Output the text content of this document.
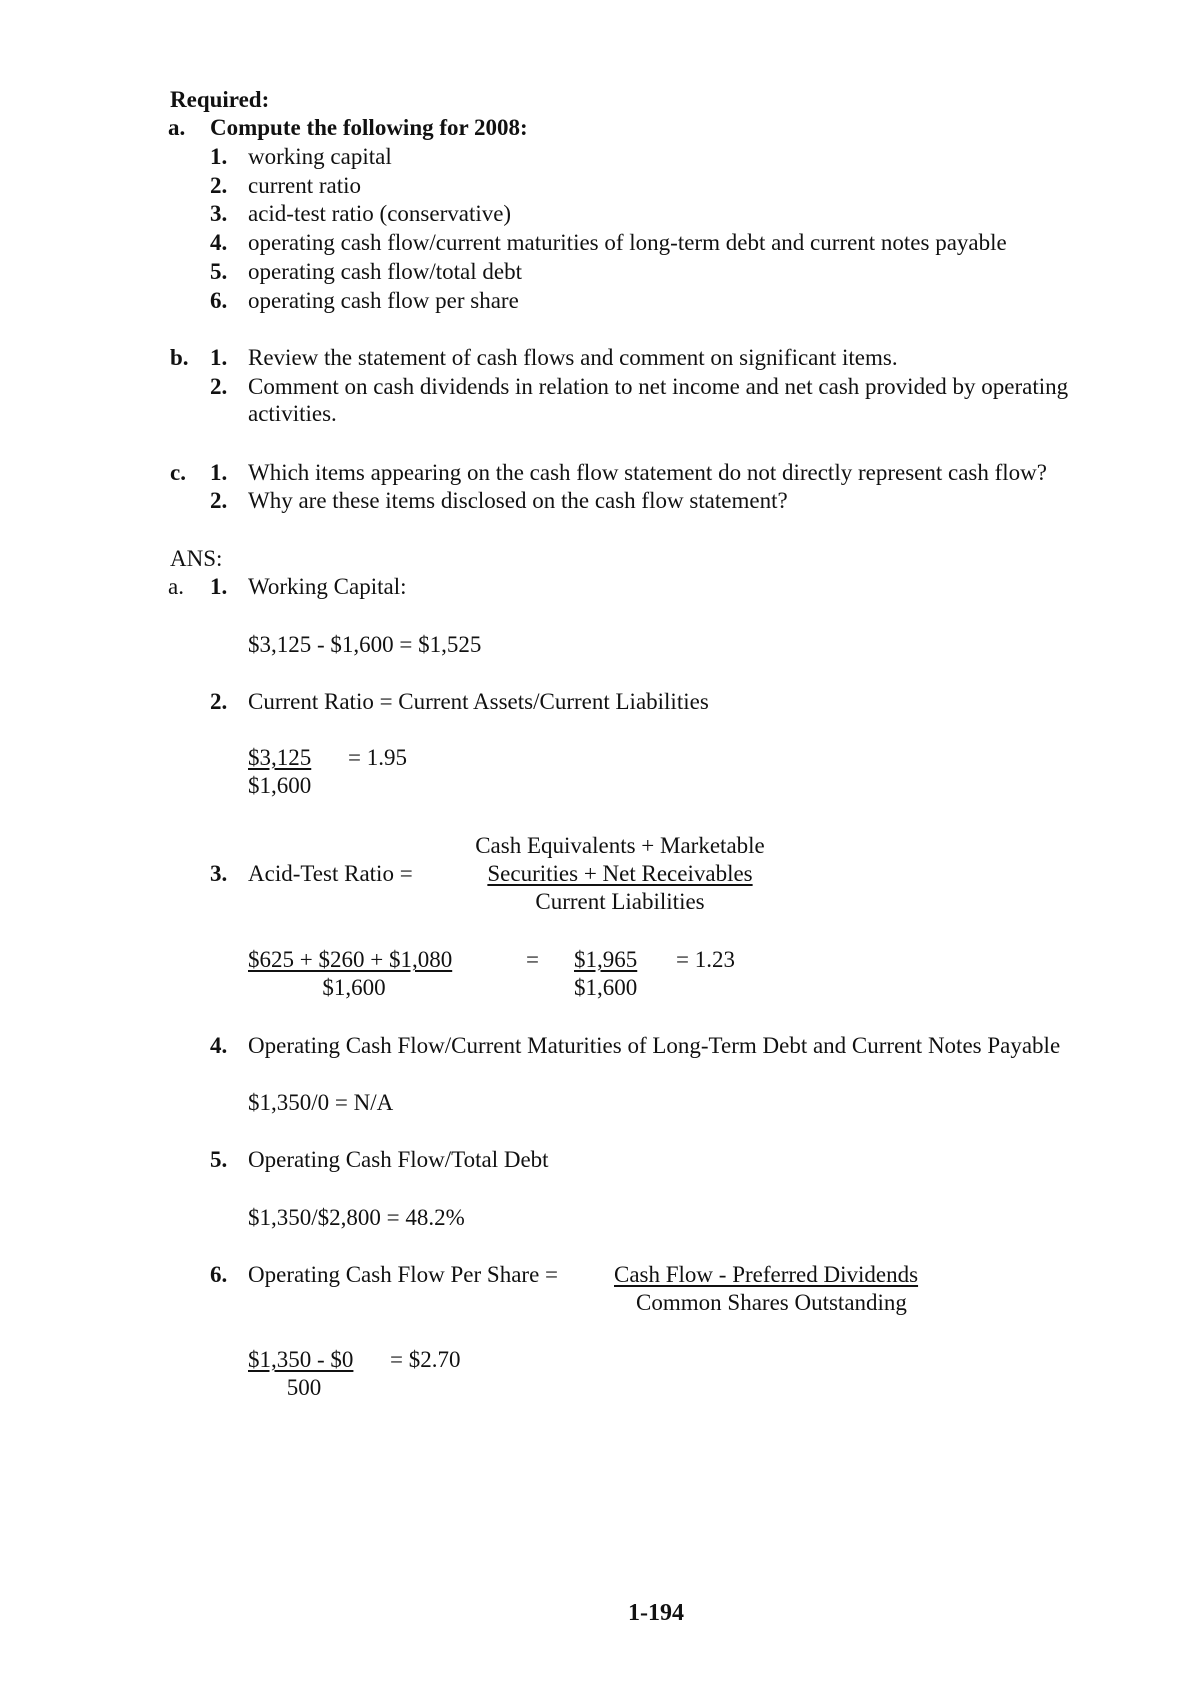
Required:
a. Compute the following for 2008:
1. working capital
2. current ratio
3. acid-test ratio (conservative)
4. operating cash flow/current maturities of long-term debt and current notes payable
5. operating cash flow/total debt
6. operating cash flow per share
b. 1. Review the statement of cash flows and comment on significant items.
2. Comment on cash dividends in relation to net income and net cash provided by operating
activities.
c. 1. Which items appearing on the cash flow statement do not directly represent cash flow?
2. Why are these items disclosed on the cash flow statement?
ANS:
a. 1. Working Capital:
$3,125 - $1,600 = $1,525
2. Current Ratio = Current Assets/Current Liabilities
$3,125 = 1.95
$1,600
3. Acid-Test Ratio =
Cash Equivalents + Marketable
Securities + Net Receivables
Current Liabilities
$625 + $260 + $1,080
$1,600
= $1,965
$1,600
= 1.23
4. Operating Cash Flow/Current Maturities of Long-Term Debt and Current Notes Payable
$1,350/0 = N/A
5. Operating Cash Flow/Total Debt
$1,350/$2,800 = 48.2%
6. Operating Cash Flow Per Share = Cash Flow - Preferred Dividends
Common Shares Outstanding
$1,350 - $0 = $2.70
500
1-194
